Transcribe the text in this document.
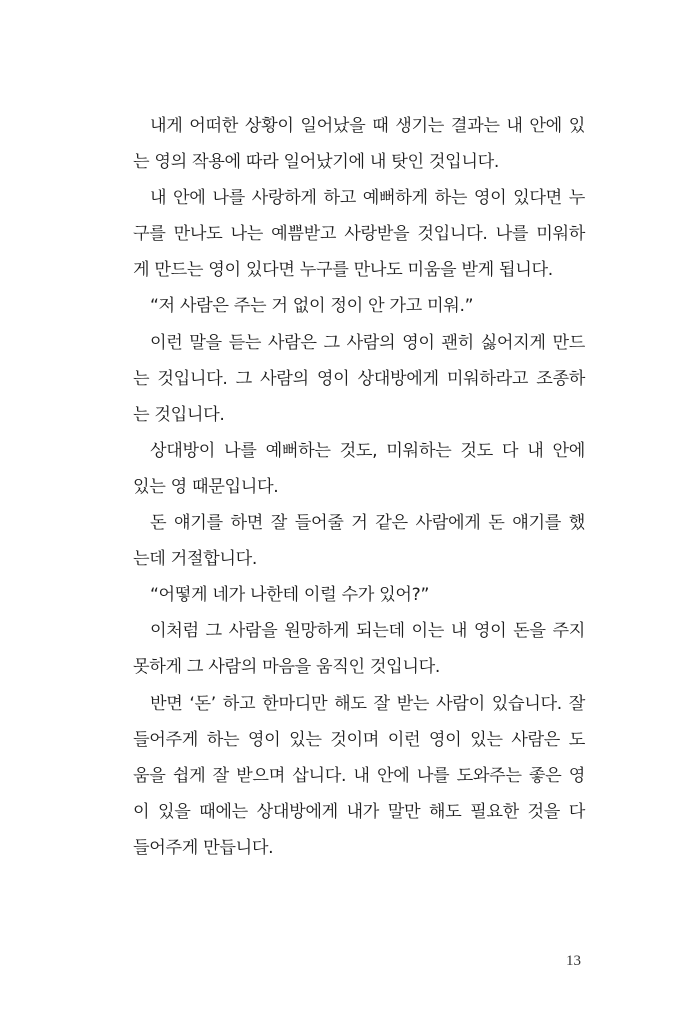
내게 어떠한 상황이 일어났을 때 생기는 결과는 내 안에 있
는 영의 작용에 따라 일어났기에 내 탓인 것입니다.
내 안에 나를 사랑하게 하고 예뻐하게 하는 영이 있다면 누
구를 만나도 나는 예쁨받고 사랑받을 것입니다. 나를 미워하
게 만드는 영이 있다면 누구를 만나도 미움을 받게 됩니다.
“저 사람은 주는 거 없이 정이 안 가고 미워.”
이런 말을 듣는 사람은 그 사람의 영이 괜히 싫어지게 만드
는 것입니다. 그 사람의 영이 상대방에게 미워하라고 조종하
는 것입니다.
상대방이 나를 예뻐하는 것도, 미워하는 것도 다 내 안에
있는 영 때문입니다.
돈 얘기를 하면 잘 들어줄 거 같은 사람에게 돈 얘기를 했
는데 거절합니다.
“어떻게 네가 나한테 이럴 수가 있어?”
이처럼 그 사람을 원망하게 되는데 이는 내 영이 돈을 주지
못하게 그 사람의 마음을 움직인 것입니다.
반면 ‘돈’ 하고 한마디만 해도 잘 받는 사람이 있습니다. 잘
들어주게 하는 영이 있는 것이며 이런 영이 있는 사람은 도
움을 쉽게 잘 받으며 삽니다. 내 안에 나를 도와주는 좋은 영
이 있을 때에는 상대방에게 내가 말만 해도 필요한 것을 다
들어주게 만듭니다.
13
